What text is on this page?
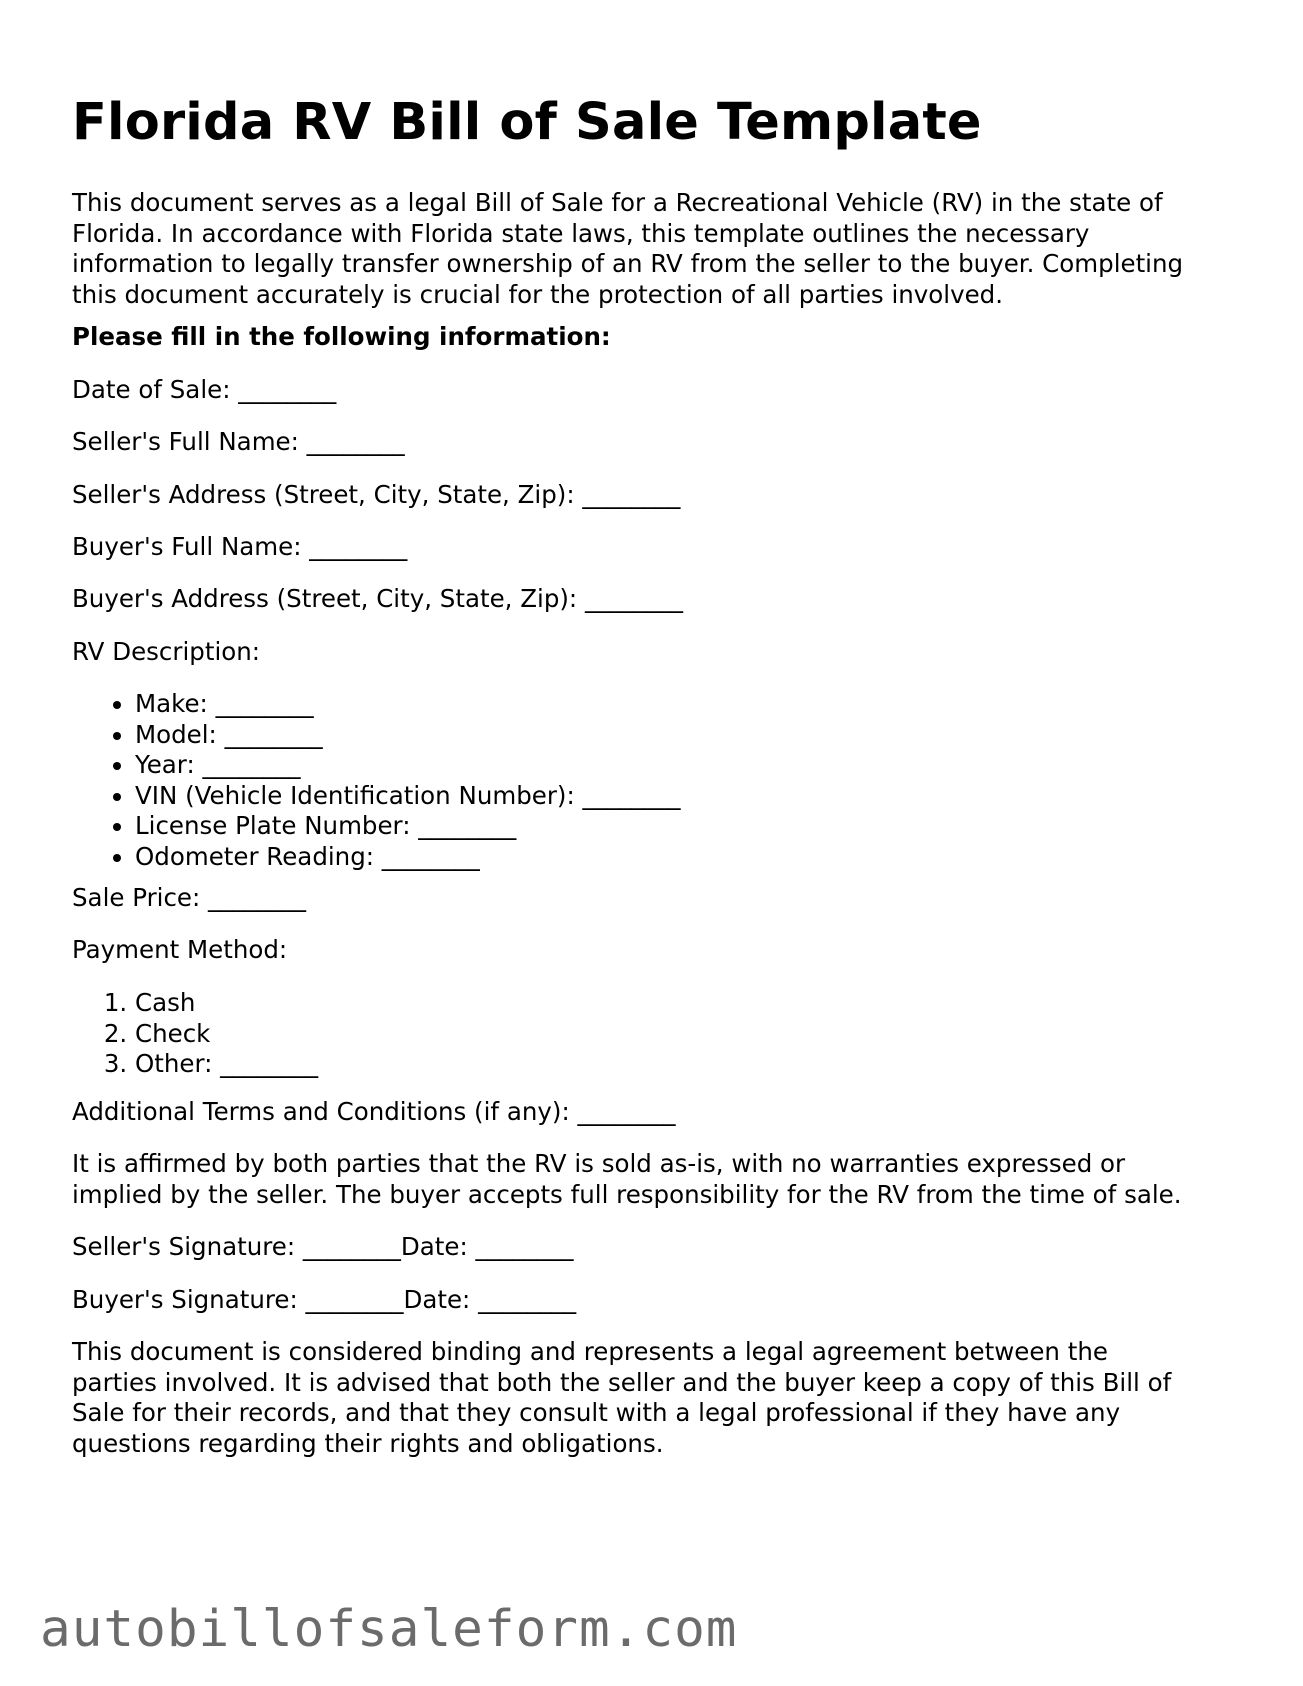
Florida RV Bill of Sale Template

This document serves as a legal Bill of Sale for a Recreational Vehicle (RV) in the state of
Florida. In accordance with Florida state laws, this template outlines the necessary
information to legally transfer ownership of an RV from the seller to the buyer. Completing
this document accurately is crucial for the protection of all parties involved.

Please fill in the following information:

Date of Sale: ________

Seller's Full Name: ________

Seller's Address (Street, City, State, Zip): ________

Buyer's Full Name: ________

Buyer's Address (Street, City, State, Zip): ________

RV Description:

• Make: ________
• Model: ________
• Year: ________
• VIN (Vehicle Identification Number): ________
• License Plate Number: ________
• Odometer Reading: ________

Sale Price: ________

Payment Method:

1. Cash
2. Check
3. Other: ________

Additional Terms and Conditions (if any): ________

It is affirmed by both parties that the RV is sold as-is, with no warranties expressed or
implied by the seller. The buyer accepts full responsibility for the RV from the time of sale.

Seller's Signature: ________Date: ________

Buyer's Signature: ________Date: ________

This document is considered binding and represents a legal agreement between the
parties involved. It is advised that both the seller and the buyer keep a copy of this Bill of
Sale for their records, and that they consult with a legal professional if they have any
questions regarding their rights and obligations.

autobillofsaleform.com
